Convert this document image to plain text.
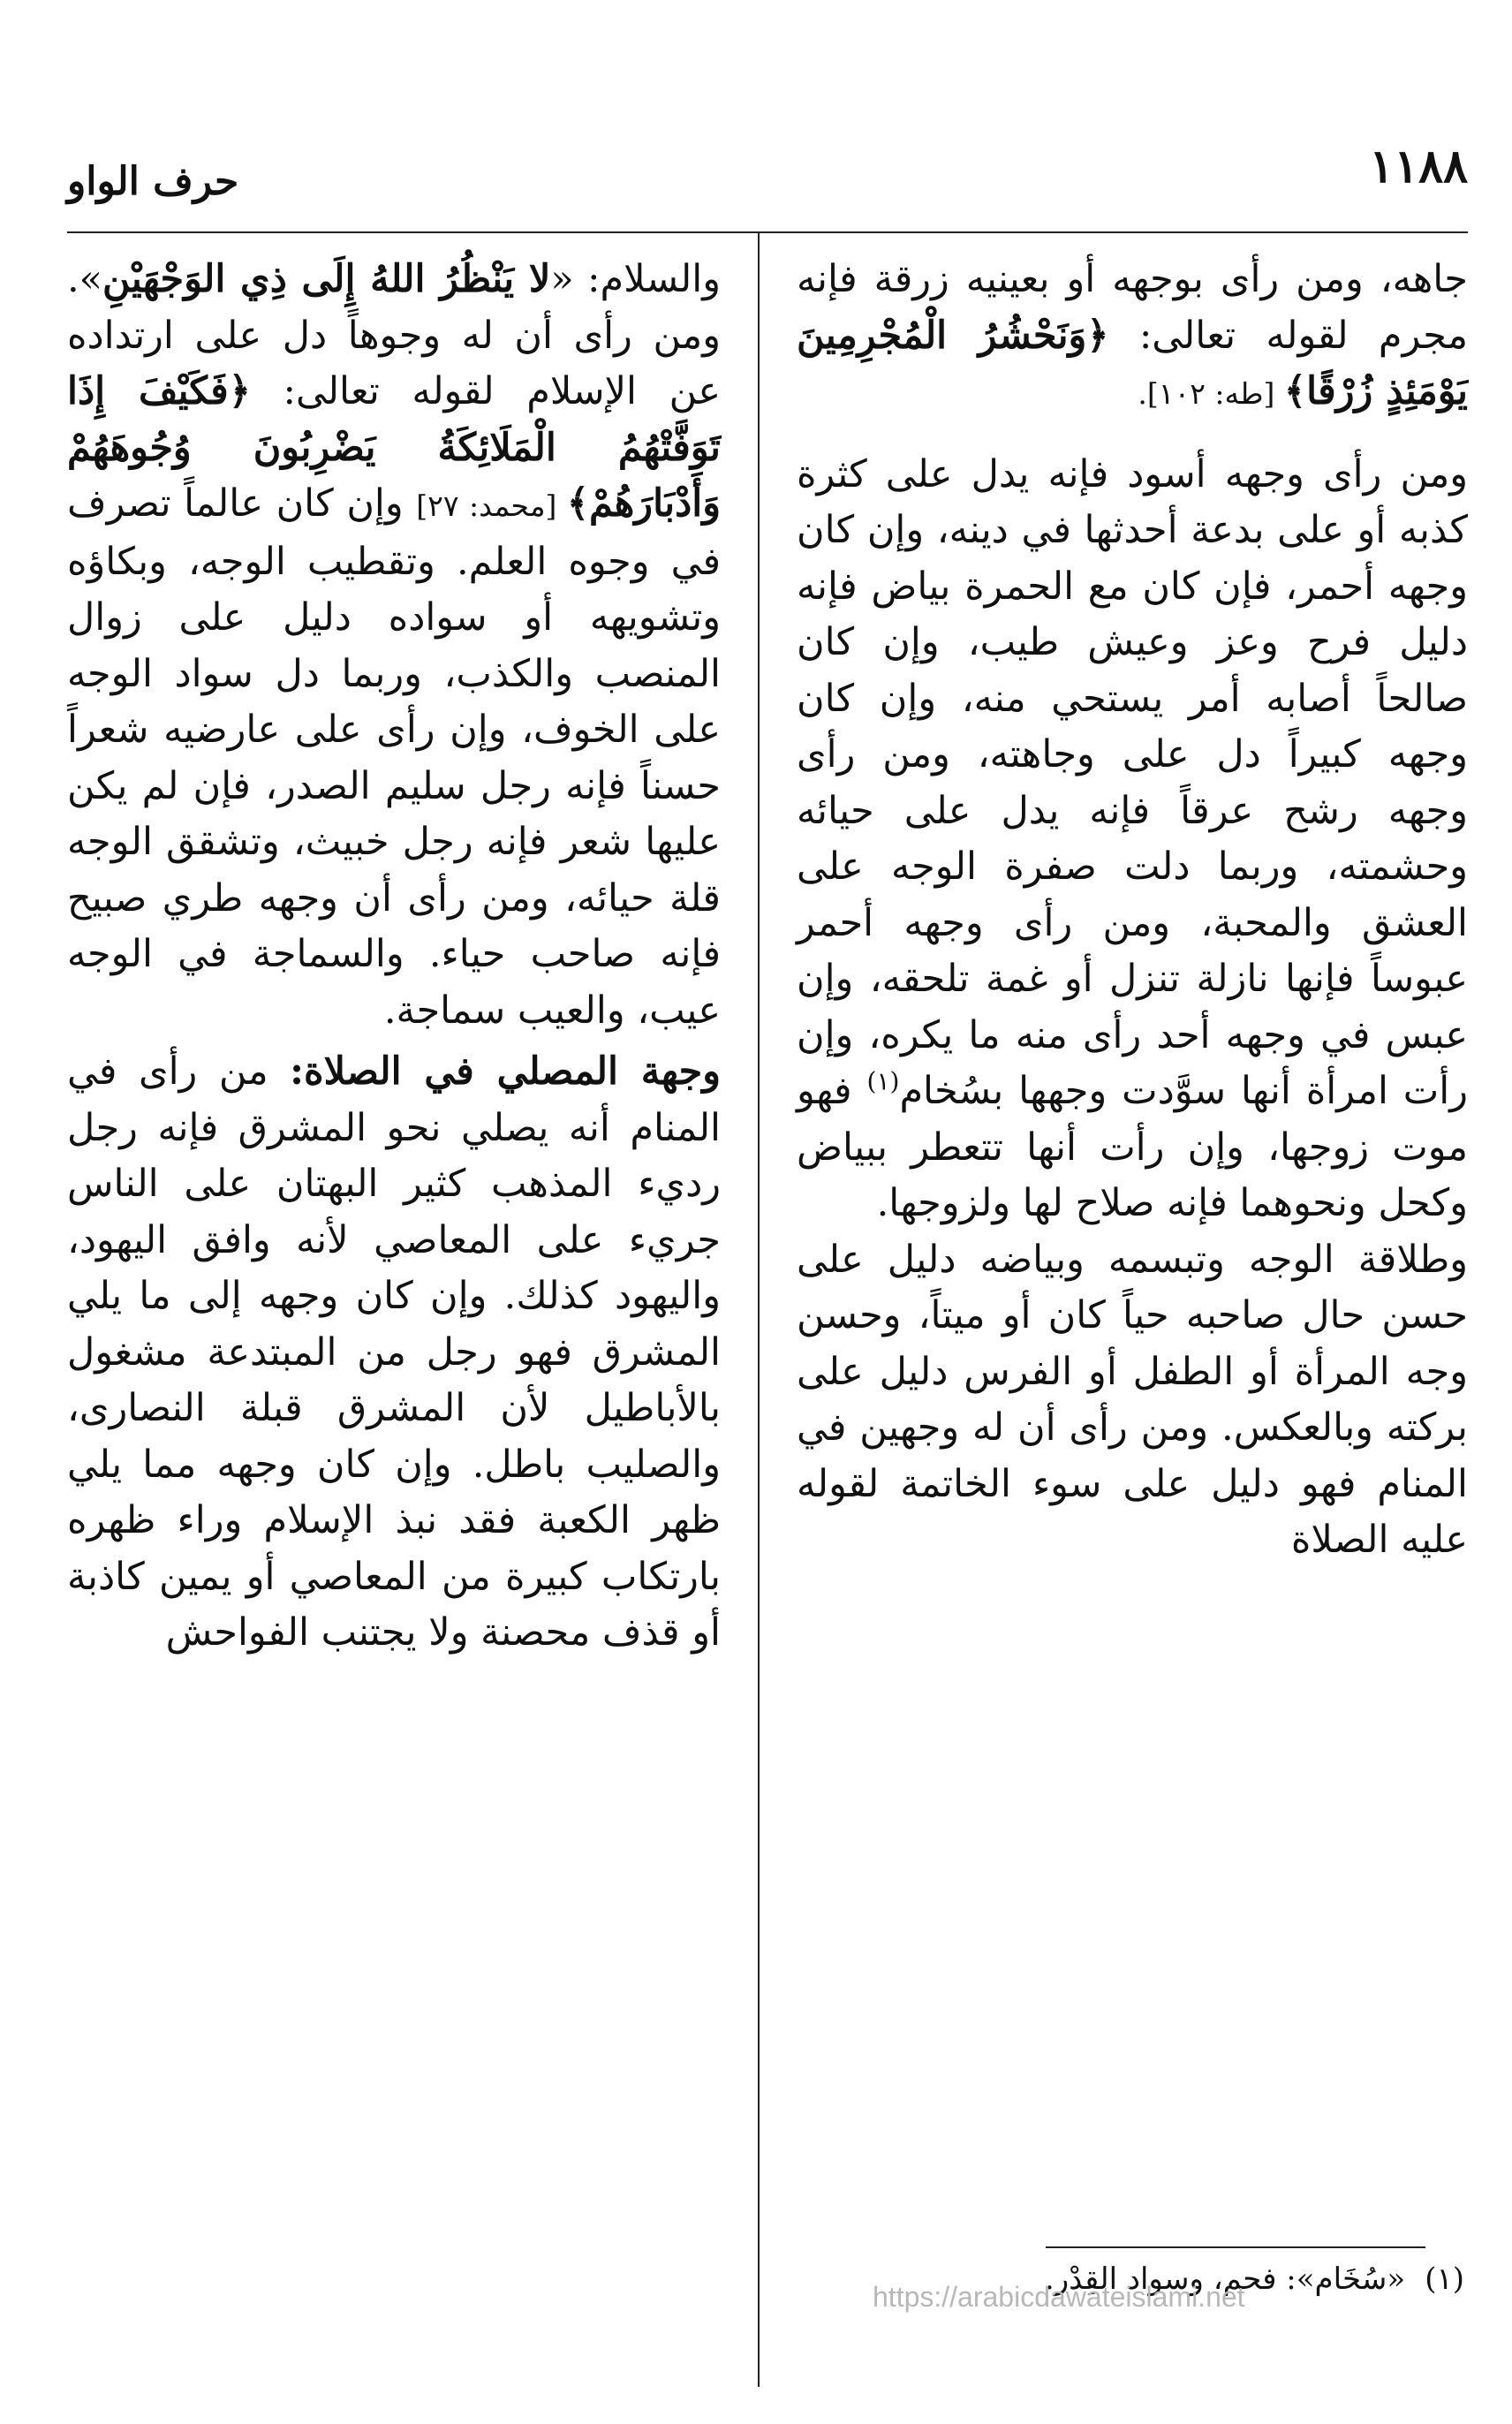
١١٨٨
حرف الواو

جاهه، ومن رأى بوجهه أو بعينيه زرقة فإنه مجرم لقوله تعالى: ﴿وَنَحْشُرُ الْمُجْرِمِينَ يَوْمَئِذٍ زُرْقًا﴾ [طه: ١٠٢].

ومن رأى وجهه أسود فإنه يدل على كثرة كذبه أو على بدعة أحدثها في دينه، وإن كان وجهه أحمر، فإن كان مع الحمرة بياض فإنه دليل فرح وعز وعيش طيب، وإن كان صالحاً أصابه أمر يستحي منه، وإن كان وجهه كبيراً دل على وجاهته، ومن رأى وجهه رشح عرقاً فإنه يدل على حيائه وحشمته، وربما دلت صفرة الوجه على العشق والمحبة، ومن رأى وجهه أحمر عبوساً فإنها نازلة تنزل أو غمة تلحقه، وإن عبس في وجهه أحد رأى منه ما يكره، وإن رأت امرأة أنها سوَّدت وجهها بسُخام$^{(١)}$ فهو موت زوجها، وإن رأت أنها تتعطر ببياض وكحل ونحوهما فإنه صلاح لها ولزوجها.

وطلاقة الوجه وتبسمه وبياضه دليل على حسن حال صاحبه حياً كان أو ميتاً، وحسن وجه المرأة أو الطفل أو الفرس دليل على بركته وبالعكس. ومن رأى أن له وجهين في المنام فهو دليل على سوء الخاتمة لقوله عليه الصلاة

والسلام: «لا يَنْظُرُ اللهُ إِلَى ذِي الوَجْهَيْنِ». ومن رأى أن له وجوهاً دل على ارتداده عن الإسلام لقوله تعالى: ﴿فَكَيْفَ إِذَا تَوَفَّتْهُمُ الْمَلَائِكَةُ يَضْرِبُونَ وُجُوهَهُمْ وَأَدْبَارَهُمْ﴾ [محمد: ٢٧] وإن كان عالماً تصرف في وجوه العلم. وتقطيب الوجه، وبكاؤه وتشويهه أو سواده دليل على زوال المنصب والكذب، وربما دل سواد الوجه على الخوف، وإن رأى على عارضيه شعراً حسناً فإنه رجل سليم الصدر، فإن لم يكن عليها شعر فإنه رجل خبيث، وتشقق الوجه قلة حيائه، ومن رأى أن وجهه طري صبيح فإنه صاحب حياء. والسماجة في الوجه عيب، والعيب سماجة.

وجهة المصلي في الصلاة: من رأى في المنام أنه يصلي نحو المشرق فإنه رجل رديء المذهب كثير البهتان على الناس جريء على المعاصي لأنه وافق اليهود، واليهود كذلك. وإن كان وجهه إلى ما يلي المشرق فهو رجل من المبتدعة مشغول بالأباطيل لأن المشرق قبلة النصارى، والصليب باطل. وإن كان وجهه مما يلي ظهر الكعبة فقد نبذ الإسلام وراء ظهره بارتكاب كبيرة من المعاصي أو يمين كاذبة أو قذف محصنة ولا يجتنب الفواحش

(١)«سُخَام»: فحم، وسواد القِدْر.
https://arabicdawateislami.net
